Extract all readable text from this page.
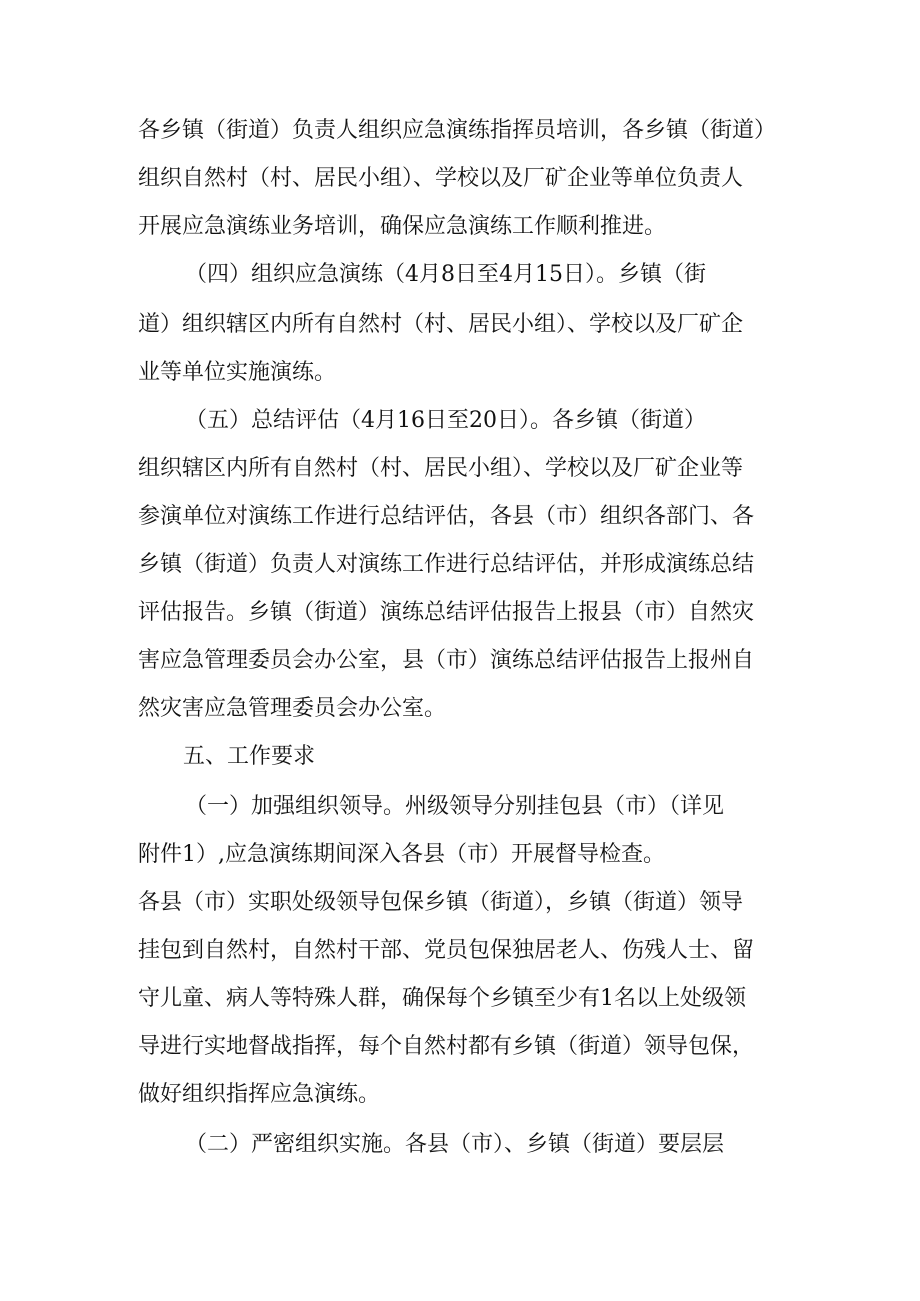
各乡镇（街道）负责人组织应急演练指挥员培训，各乡镇（街道）

组织自然村（村、居民小组）、学校以及厂矿企业等单位负责人

开展应急演练业务培训，确保应急演练工作顺利推进。

（四）组织应急演练（4月8日至4月15日）。乡镇（街

道）组织辖区内所有自然村（村、居民小组）、学校以及厂矿企

业等单位实施演练。

（五）总结评估（4月16日至20日）。各乡镇（街道）

组织辖区内所有自然村（村、居民小组）、学校以及厂矿企业等

参演单位对演练工作进行总结评估，各县（市）组织各部门、各

乡镇（街道）负责人对演练工作进行总结评估，并形成演练总结

评估报告。乡镇（街道）演练总结评估报告上报县（市）自然灾

害应急管理委员会办公室，县（市）演练总结评估报告上报州自

然灾害应急管理委员会办公室。

五、工作要求

（一）加强组织领导。州级领导分别挂包县（市）（详见

附件1）,应急演练期间深入各县（市）开展督导检查。

各县（市）实职处级领导包保乡镇（街道），乡镇（街道）领导

挂包到自然村，自然村干部、党员包保独居老人、伤残人士、留

守儿童、病人等特殊人群，确保每个乡镇至少有1名以上处级领

导进行实地督战指挥，每个自然村都有乡镇（街道）领导包保，

做好组织指挥应急演练。

（二）严密组织实施。各县（市）、乡镇（街道）要层层
